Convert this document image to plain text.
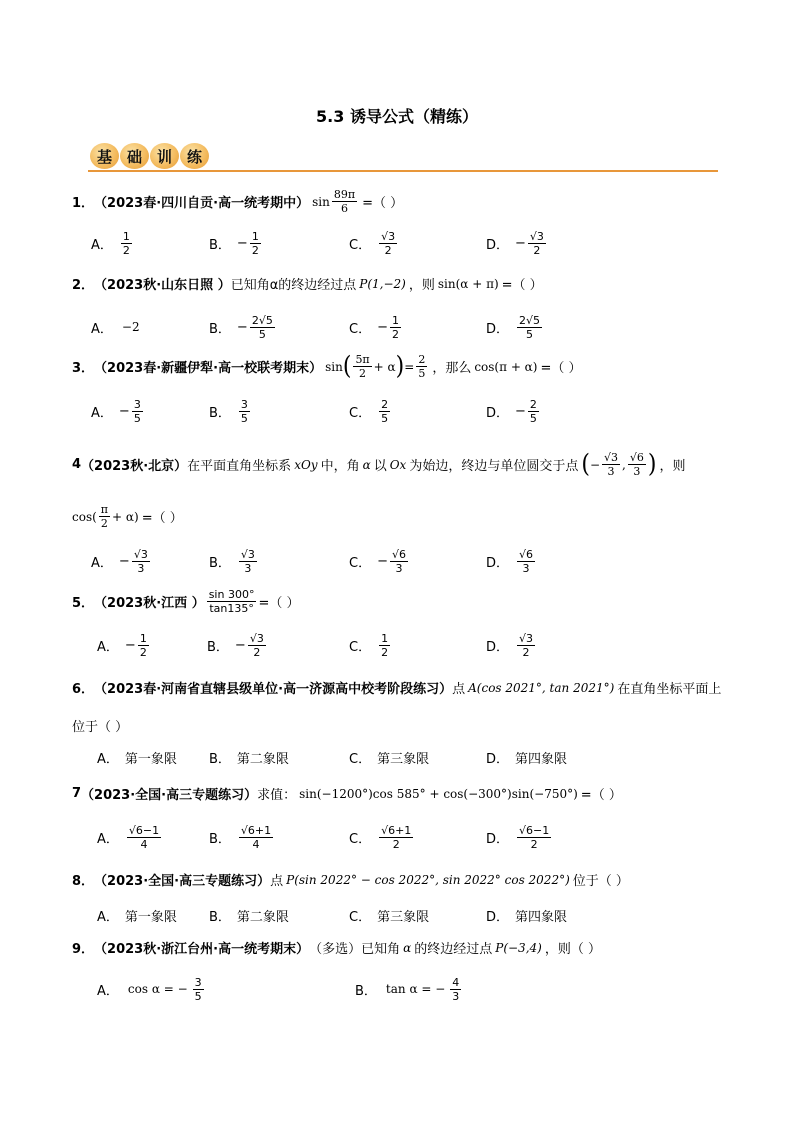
5.3 诱导公式（精练）
基 础 训 练
1． （2023春·四川自贡·高一统考期中） $\sin \frac{89\pi}{6}$ =（ ）
A． $\frac{1}{2}$	B． − $\frac{1}{2}$	C． $\frac{√3}{2}$	D． − $\frac{√3}{2}$
2． （2023秋·山东日照 ） 已知角α的终边经过点 P(1,−2) ，则 sin(α + π) =（ ）
A． −2	B． − $\frac{2√5}{5}$	C． − $\frac{1}{2}$	D． $\frac{2√5}{5}$
3． （2023春·新疆伊犁·高一校联考期末） sin ( $\frac{5\pi}{2} + \alpha$ ) = $\frac{2}{5}$ ，那么 cos(π + α) =（ ）
A． − $\frac{3}{5}$	B． $\frac{3}{5}$	C． $\frac{2}{5}$	D． − $\frac{2}{5}$
4 （2023秋·北京） 在平面直角坐标系 xOy 中，角 α 以 Ox 为始边，终边与单位圆交于点 ( − $\frac{√3}{3}$ , $\frac{√6}{3}$ ) ，则
$\cos( \frac{\pi}{2} + \alpha)$ =（ ）
A． − $\frac{√3}{3}$	B． $\frac{√3}{3}$	C． − $\frac{√6}{3}$	D． $\frac{√6}{3}$
5． （2023秋·江西 ） $\frac{\sin 300^\circ}{\tan 135^\circ}$ =（ ）
A． − $\frac{1}{2}$	B． − $\frac{√3}{2}$	C． $\frac{1}{2}$	D． $\frac{√3}{2}$
6． （2023春·河南省直辖县级单位·高一济源高中校考阶段练习） 点 A(cos 2021°, tan 2021°) 在直角坐标平面上
位于（ ）
A． 第一象限 B． 第二象限	C． 第三象限	D． 第四象限
7 （2023·全国·高三专题练习） 求值： sin(−1200°)cos 585° + cos(−300°)sin(−750°) =（ ）
A． $\frac{√6-1}{4}$	B． $\frac{√6+1}{4}$	C． $\frac{√6+1}{2}$	D． $\frac{√6-1}{2}$
8． （2023·全国·高三专题练习） 点 P(sin 2022° − cos 2022°, sin 2022° cos 2022°) 位于（ ）
A． 第一象限 B． 第二象限	C． 第三象限	D． 第四象限
9． （2023秋·浙江台州·高一统考期末） （多选）已知角 α 的终边经过点 P(−3,4) ，则（ ）
A． cos α = − $\frac{3}{5}$	B． tan α = − $\frac{4}{3}$
